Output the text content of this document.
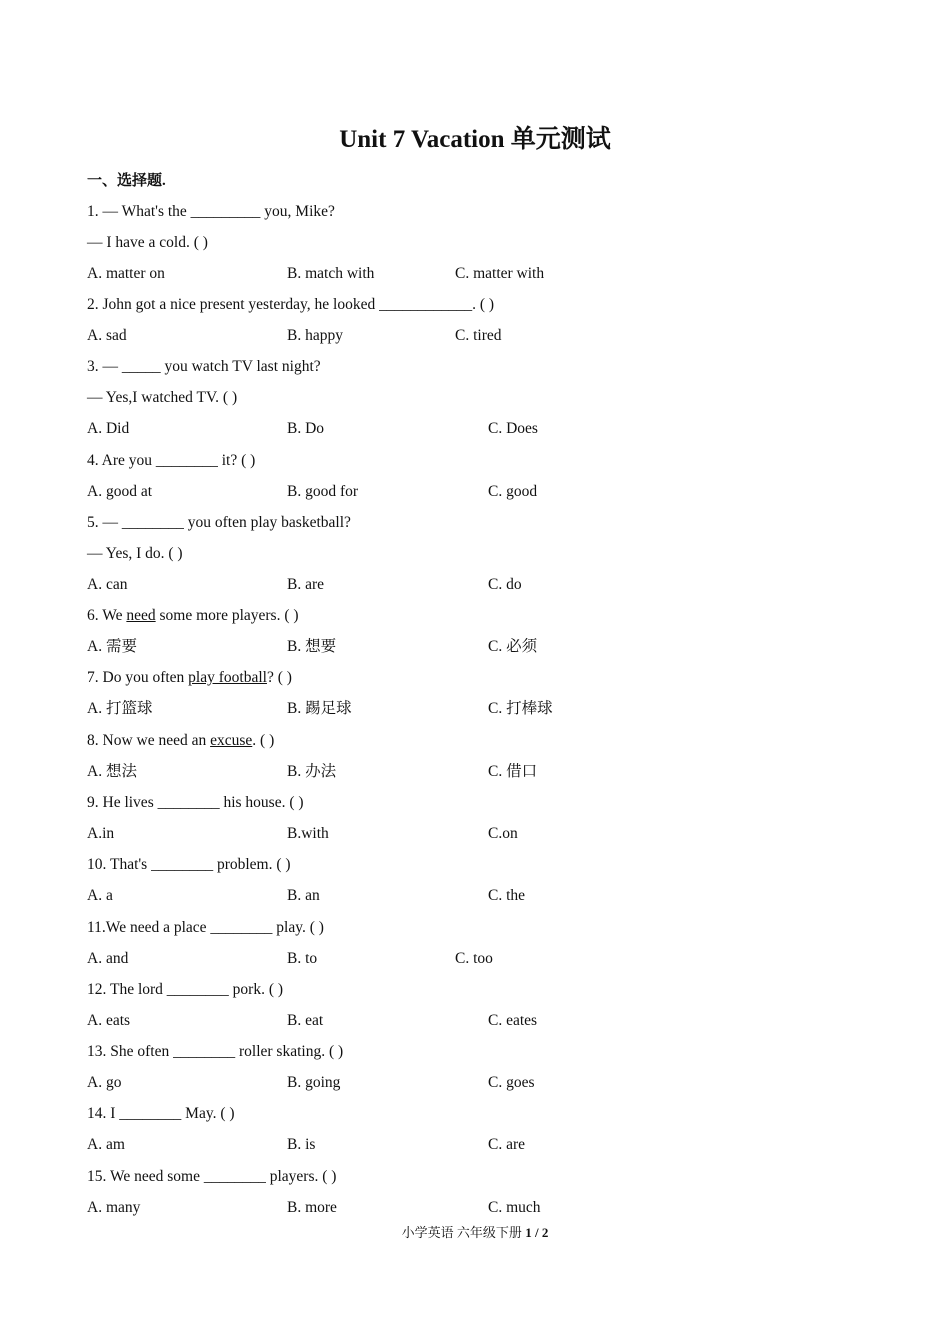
Unit 7 Vacation 单元测试
一、选择题.
1. — What's the _________ you, Mike?
— I have a cold. ( )
A. matter on	B. match with	C. matter with
2. John got a nice present yesterday, he looked ____________. ( )
A. sad	B. happy	C. tired
3. — _____ you watch TV last night?
— Yes,I watched TV. ( )
A. Did	B. Do	C. Does
4. Are you ________ it? ( )
A. good at	B. good for	C. good
5. — ________ you often play basketball?
— Yes, I do. ( )
A. can	B. are	C. do
6. We need some more players. ( )
A. 需要	B. 想要	C. 必须
7. Do you often play football? ( )
A. 打篮球	B. 踢足球	C. 打棒球
8. Now we need an excuse. ( )
A. 想法	B. 办法	C. 借口
9. He lives ________ his house. ( )
A.in	B.with	C.on
10. That's ________ problem. ( )
A. a	B. an	C. the
11.We need a place ________ play. ( )
A. and	B. to	C. too
12. The lord ________ pork. ( )
A. eats	B. eat	C. eates
13. She often ________ roller skating. ( )
A. go	B. going	C. goes
14. I ________ May. ( )
A. am	B. is	C. are
15. We need some ________ players. ( )
A. many	B. more	C. much
小学英语 六年级下册 1 / 2
